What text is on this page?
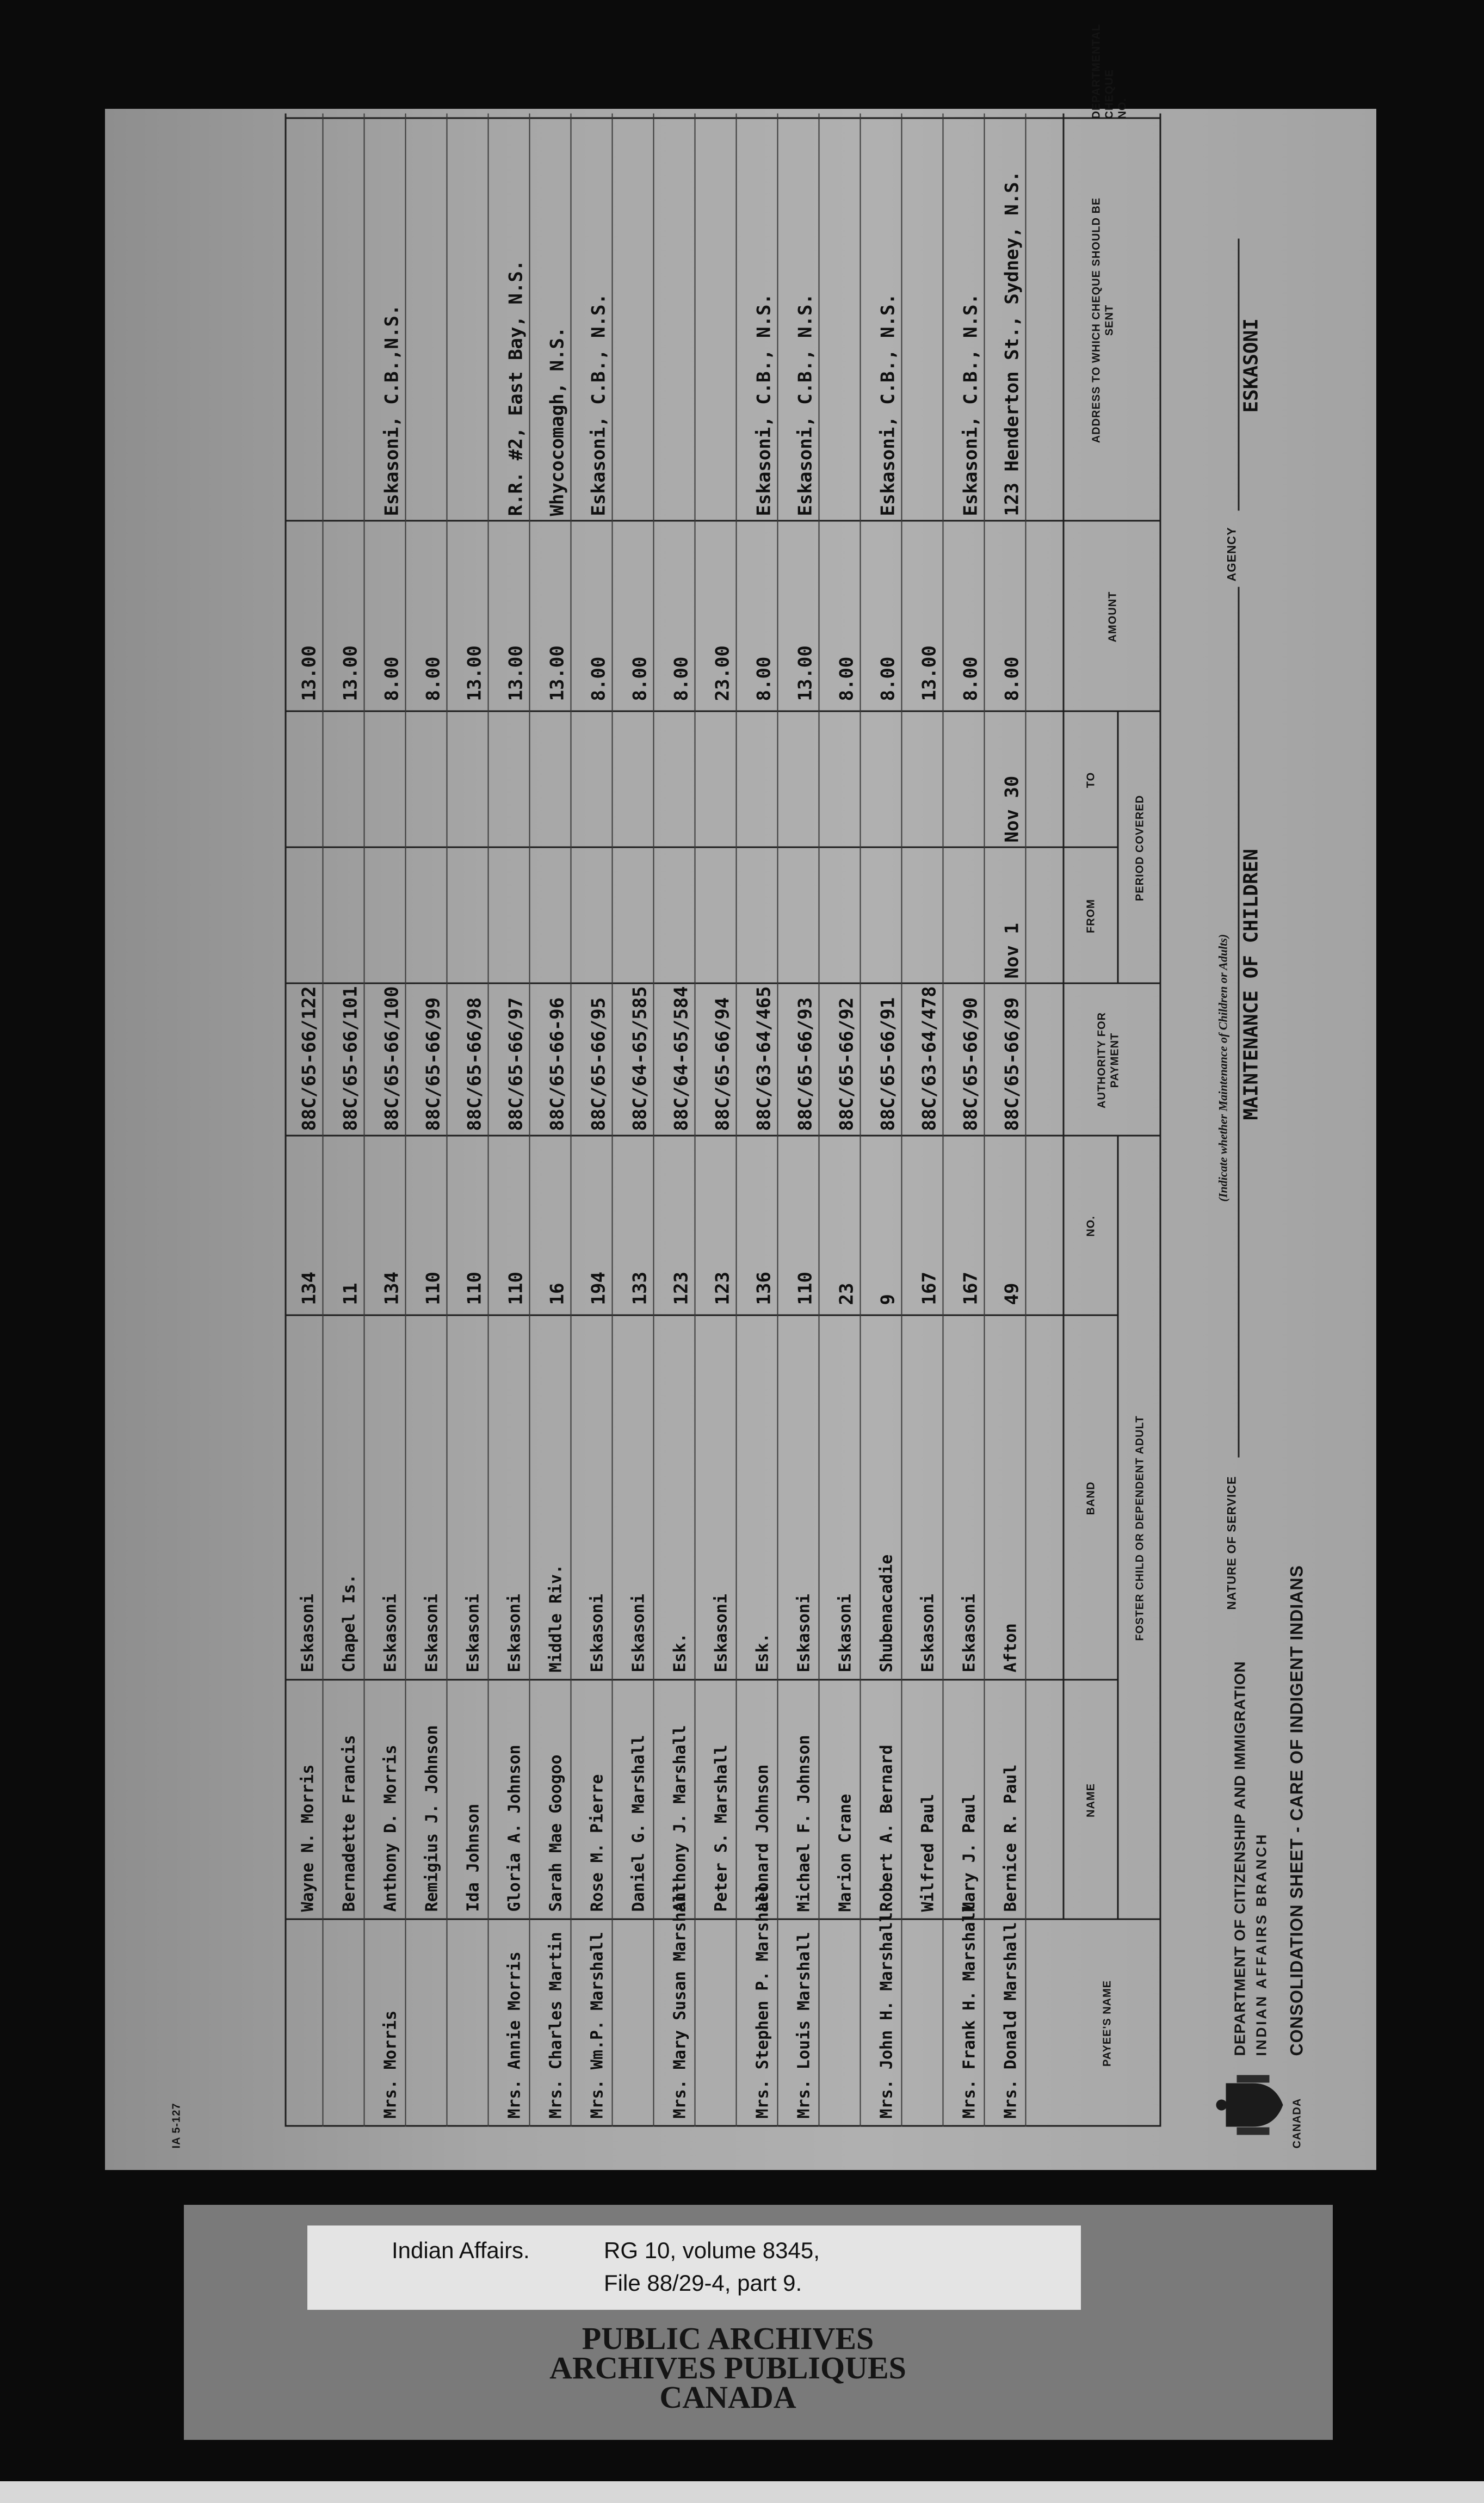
CANADA
DEPARTMENT OF CITIZENSHIP AND IMMIGRATION INDIAN AFFAIRS BRANCH CONSOLIDATION SHEET - CARE OF INDIGENT INDIANS
NATURE OF SERVICE
MAINTENANCE OF CHILDREN
(Indicate whether Maintenance of Children or Adults)
AGENCY
ESKASONI
PAYEE'S NAME
FOSTER CHILD OR DEPENDENT ADULT
NAME
BAND
NO.
AUTHORITY FOR PAYMENT
PERIOD COVERED
FROM
TO
AMOUNT
ADDRESS TO WHICH CHEQUE SHOULD BE SENT
Mrs. Donald Marshall
Bernice R. Paul
Afton
49
88C/65-66/89
Nov 1
Nov 30
8.00
123 Henderton St., Sydney, N.S.
Mrs. Frank H. Marshall
Mary J. Paul
Eskasoni
167
88C/65-66/90
8.00
Eskasoni, C.B., N.S.
Wilfred Paul
Eskasoni
167
88C/63-64/478
13.00
Mrs. John H. Marshall
Robert A. Bernard
Shubenacadie
9
88C/65-66/91
8.00
Eskasoni, C.B., N.S.
Marion Crane
Eskasoni
23
88C/65-66/92
8.00
Mrs. Louis Marshall
Michael F. Johnson
Eskasoni
110
88C/65-66/93
13.00
Eskasoni, C.B., N.S.
Mrs. Stephen P. Marshall
Leonard Johnson
Esk.
136
88C/63-64/465
8.00
Eskasoni, C.B., N.S.
Peter S. Marshall
Eskasoni
123
88C/65-66/94
23.00
Mrs. Mary Susan Marshall
Anthony J. Marshall
Esk.
123
88C/64-65/584
8.00
Daniel G. Marshall
Eskasoni
133
88C/64-65/585
8.00
Mrs. Wm.P. Marshall
Rose M. Pierre
Eskasoni
194
88C/65-66/95
8.00
Eskasoni, C.B., N.S.
Mrs. Charles Martin
Sarah Mae Googoo
Middle Riv.
16
88C/65-66-96
13.00
Whycocomagh, N.S.
Mrs. Annie Morris
Gloria A. Johnson
Eskasoni
110
88C/65-66/97
13.00
R.R. #2, East Bay, N.S.
Ida Johnson
Eskasoni
110
88C/65-66/98
13.00
Remigius J. Johnson
Eskasoni
110
88C/65-66/99
8.00
Mrs. Morris
Anthony D. Morris
Eskasoni
134
88C/65-66/100
8.00
Eskasoni, C.B.,N.S.
Bernadette Francis
Chapel Is.
11
88C/65-66/101
13.00
Wayne N. Morris
Eskasoni
134
88C/65-66/122
13.00
IA 5-127
Indian Affairs.	RG 10, volume 8345,
File 88/29-4, part 9.
PUBLIC ARCHIVES
ARCHIVES PUBLIQUES
CANADA
